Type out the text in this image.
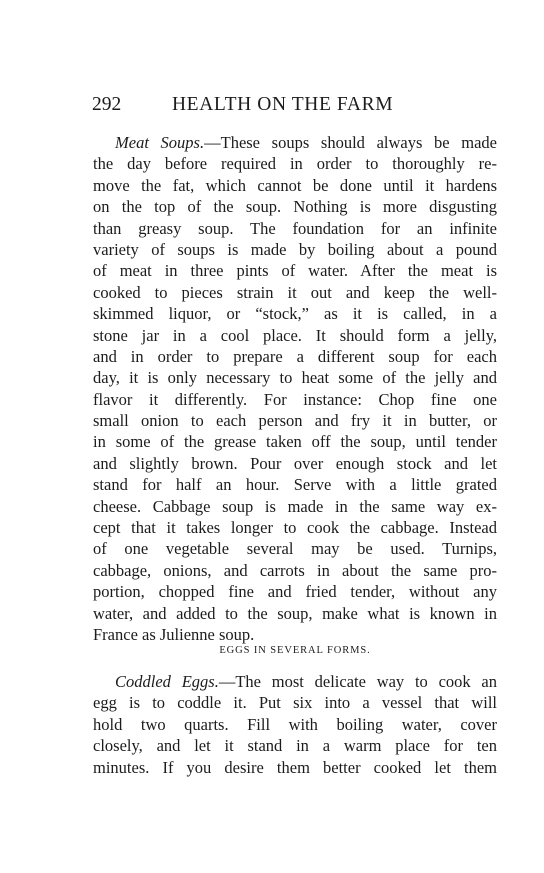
292	HEALTH ON THE FARM
Meat Soups.—These soups should always be made
the day before required in order to thoroughly re-
move the fat, which cannot be done until it hardens
on the top of the soup. Nothing is more disgusting
than greasy soup. The foundation for an infinite
variety of soups is made by boiling about a pound
of meat in three pints of water. After the meat is
cooked to pieces strain it out and keep the well-
skimmed liquor, or “stock,” as it is called, in a
stone jar in a cool place. It should form a jelly,
and in order to prepare a different soup for each
day, it is only necessary to heat some of the jelly and
flavor it differently. For instance: Chop fine one
small onion to each person and fry it in butter, or
in some of the grease taken off the soup, until tender
and slightly brown. Pour over enough stock and let
stand for half an hour. Serve with a little grated
cheese. Cabbage soup is made in the same way ex-
cept that it takes longer to cook the cabbage. Instead
of one vegetable several may be used. Turnips,
cabbage, onions, and carrots in about the same pro-
portion, chopped fine and fried tender, without any
water, and added to the soup, make what is known in
France as Julienne soup.
EGGS IN SEVERAL FORMS.
Coddled Eggs.—The most delicate way to cook an
egg is to coddle it. Put six into a vessel that will
hold two quarts. Fill with boiling water, cover
closely, and let it stand in a warm place for ten
minutes. If you desire them better cooked let them
